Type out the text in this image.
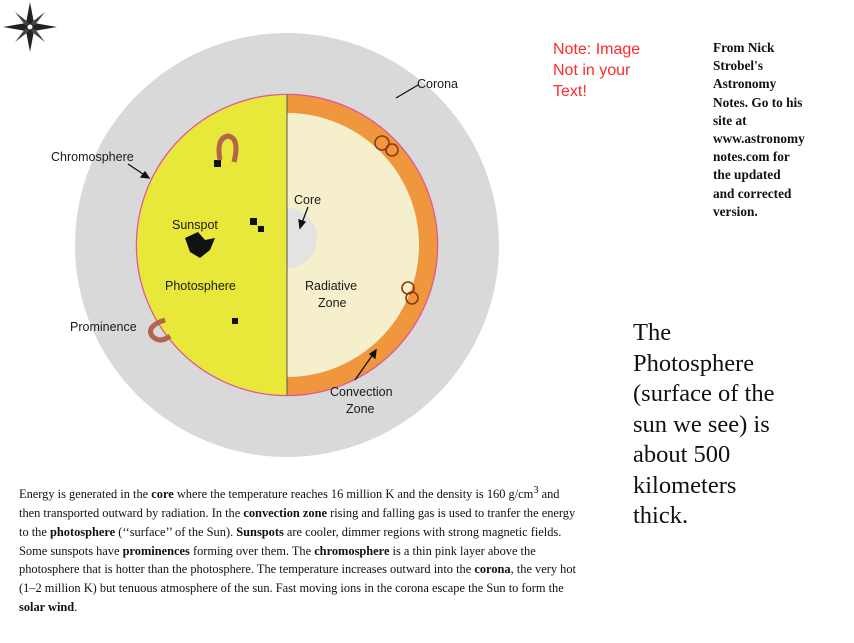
Corona
Chromosphere
Core
Sunspot
Photosphere	Radiative
Zone
Prominence
Convection
Zone
Note: Image
Not in your
Text!
From Nick Strobel's Astronomy Notes. Go to his site at www.astronomynotes.com for the updated and corrected version.
The Photosphere (surface of the sun we see) is about 500 kilometers thick.
Energy is generated in the core where the temperature reaches 16 million K and the density is 160 $g/cm^3$ and then transported outward by radiation. In the convection zone rising and falling gas is used to tranfer the energy to the photosphere (‘‘surface’’ of the Sun). Sunspots are cooler, dimmer regions with strong magnetic fields. Some sunspots have prominences forming over them. The chromosphere is a thin pink layer above the photosphere that is hotter than the photosphere. The temperature increases outward into the corona, the very hot (1–2 million K) but tenuous atmosphere of the sun. Fast moving ions in the corona escape the Sun to form the solar wind.
